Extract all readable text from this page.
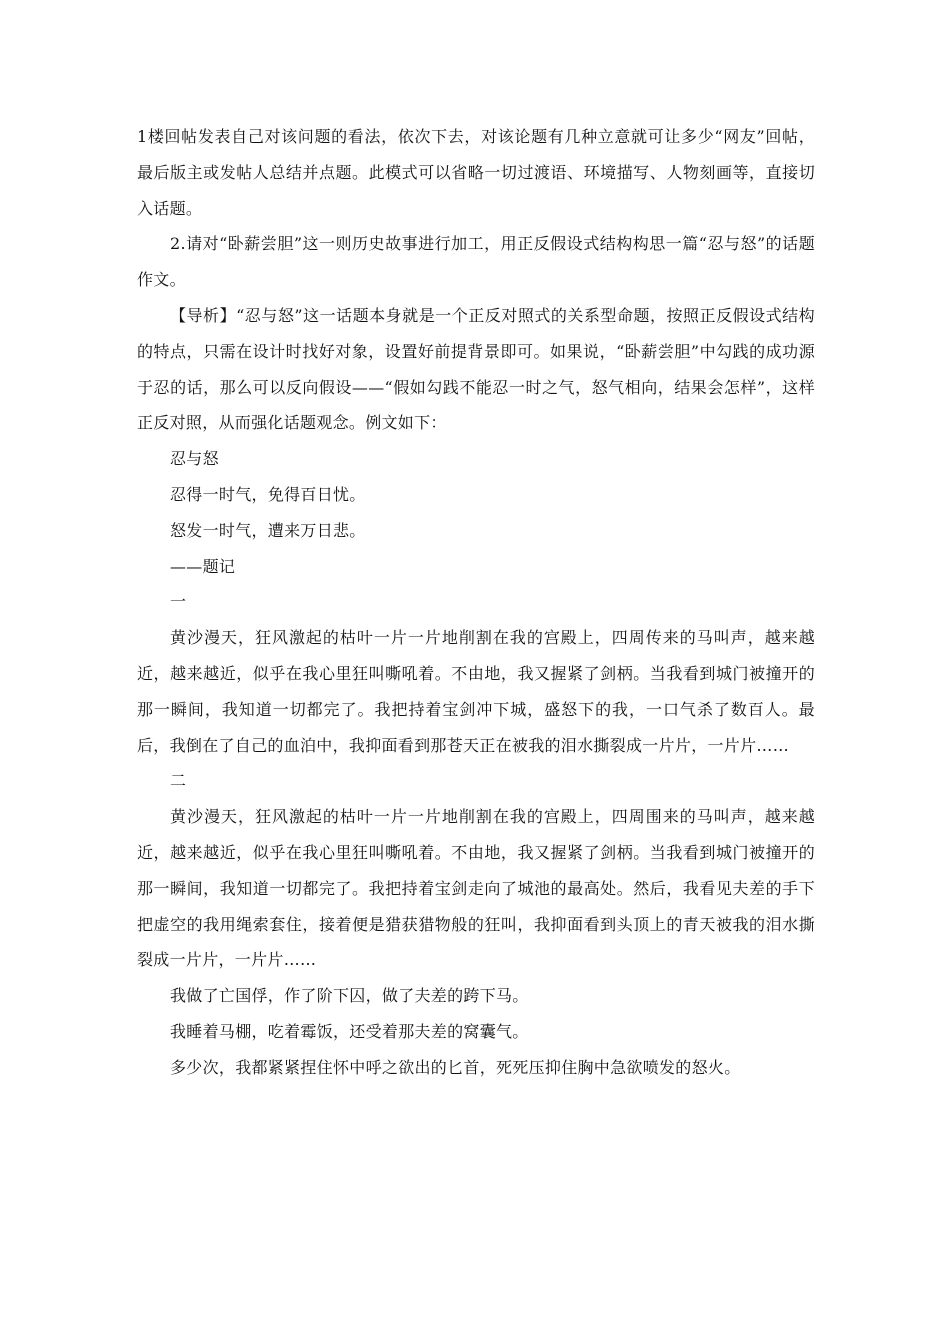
1楼回帖发表自己对该问题的看法，依次下去，对该论题有几种立意就可让多少“网友”回帖，最后版主或发帖人总结并点题。此模式可以省略一切过渡语、环境描写、人物刻画等，直接切入话题。

2.请对“卧薪尝胆”这一则历史故事进行加工，用正反假设式结构构思一篇“忍与怒”的话题作文。

【导析】“忍与怒”这一话题本身就是一个正反对照式的关系型命题，按照正反假设式结构的特点，只需在设计时找好对象，设置好前提背景即可。如果说，“卧薪尝胆”中勾践的成功源于忍的话，那么可以反向假设——“假如勾践不能忍一时之气，怒气相向，结果会怎样”，这样正反对照，从而强化话题观念。例文如下：

忍与怒

忍得一时气，免得百日忧。

怒发一时气，遭来万日悲。

——题记

一

黄沙漫天，狂风激起的枯叶一片一片地削割在我的宫殿上，四周传来的马叫声，越来越近，越来越近，似乎在我心里狂叫嘶吼着。不由地，我又握紧了剑柄。当我看到城门被撞开的那一瞬间，我知道一切都完了。我把持着宝剑冲下城，盛怒下的我，一口气杀了数百人。最后，我倒在了自己的血泊中，我抑面看到那苍天正在被我的泪水撕裂成一片片，一片片……

二

黄沙漫天，狂风激起的枯叶一片一片地削割在我的宫殿上，四周围来的马叫声，越来越近，越来越近，似乎在我心里狂叫嘶吼着。不由地，我又握紧了剑柄。当我看到城门被撞开的那一瞬间，我知道一切都完了。我把持着宝剑走向了城池的最高处。然后，我看见夫差的手下把虚空的我用绳索套住，接着便是猎获猎物般的狂叫，我抑面看到头顶上的青天被我的泪水撕裂成一片片，一片片……

我做了亡国俘，作了阶下囚，做了夫差的跨下马。

我睡着马棚，吃着霉饭，还受着那夫差的窝囊气。

多少次，我都紧紧捏住怀中呼之欲出的匕首，死死压抑住胸中急欲喷发的怒火。
